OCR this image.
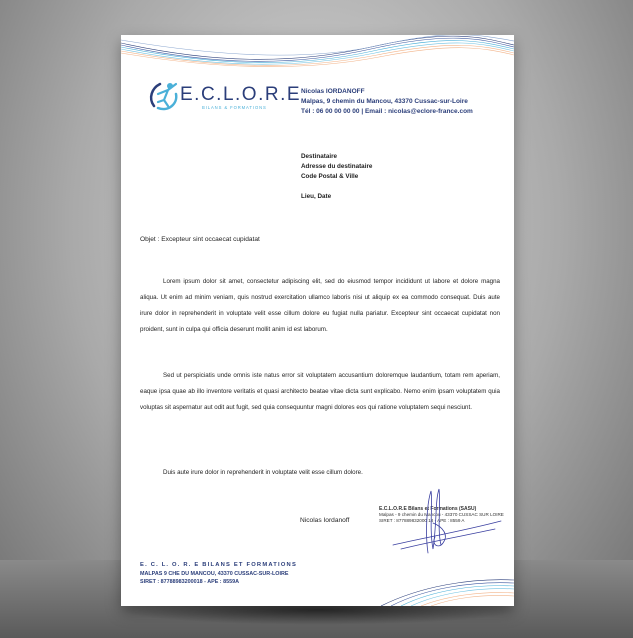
E.C.L.O.R.E
BILANS & FORMATIONS
Nicolas IORDANOFF
Malpas, 9 chemin du Mancou, 43370 Cussac-sur-Loire
Tél : 06 00 00 00 00 | Email : nicolas@eclore-france.com
Destinataire
Adresse du destinataire
Code Postal & Ville
Lieu, Date
Objet : Excepteur sint occaecat cupidatat
Lorem ipsum dolor sit amet, consectetur adipiscing elit, sed do eiusmod tempor incididunt ut labore et dolore magna aliqua. Ut enim ad minim veniam, quis nostrud exercitation ullamco laboris nisi ut aliquip ex ea commodo consequat. Duis aute irure dolor in reprehenderit in voluptate velit esse cillum dolore eu fugiat nulla pariatur. Excepteur sint occaecat cupidatat non proident, sunt in culpa qui officia deserunt mollit anim id est laborum.
Sed ut perspiciatis unde omnis iste natus error sit voluptatem accusantium doloremque laudantium, totam rem aperiam, eaque ipsa quae ab illo inventore veritatis et quasi architecto beatae vitae dicta sunt explicabo. Nemo enim ipsam voluptatem quia voluptas sit aspernatur aut odit aut fugit, sed quia consequuntur magni dolores eos qui ratione voluptatem sequi nesciunt.
Duis aute irure dolor in reprehenderit in voluptate velit esse cillum dolore.
Nicolas Iordanoff
E.C.L.O.R.E Bilans et Formations (SASU)
Malpas - 9 chemin du Mancou - 43370 CUSSAC SUR LOIRE
SIRET : 877889832000 18 - APE : 8559 A
E. C. L. O. R. E BILANS ET FORMATIONS
MALPAS 9 CHE DU MANCOU, 43370 CUSSAC-SUR-LOIRE
SIRET : 87788983200018 - APE : 8559A
